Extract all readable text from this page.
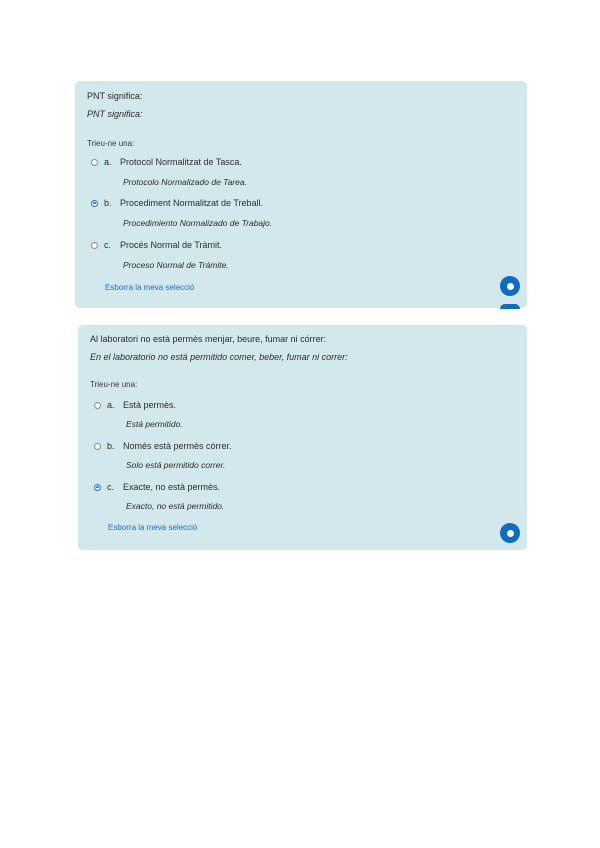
PNT significa:
PNT significa:
Trieu-ne una:
a. Protocol Normalitzat de Tasca.
Protocolo Normalizado de Tarea.
b. Procediment Normalitzat de Treball.
Procedimiento Normalizado de Trabajo.
c. Procés Normal de Tràmit.
Proceso Normal de Trámite.
Esborra la meva selecció
Al laboratori no està permès menjar, beure, fumar ni córrer:
En el laboratorio no está permitido comer, beber, fumar ni correr:
Trieu-ne una:
a. Està permès.
Está permitido.
b. Només està permès córrer.
Solo está permitido correr.
c. Exacte, no està permès.
Exacto, no está permitido.
Esborra la meva selecció
